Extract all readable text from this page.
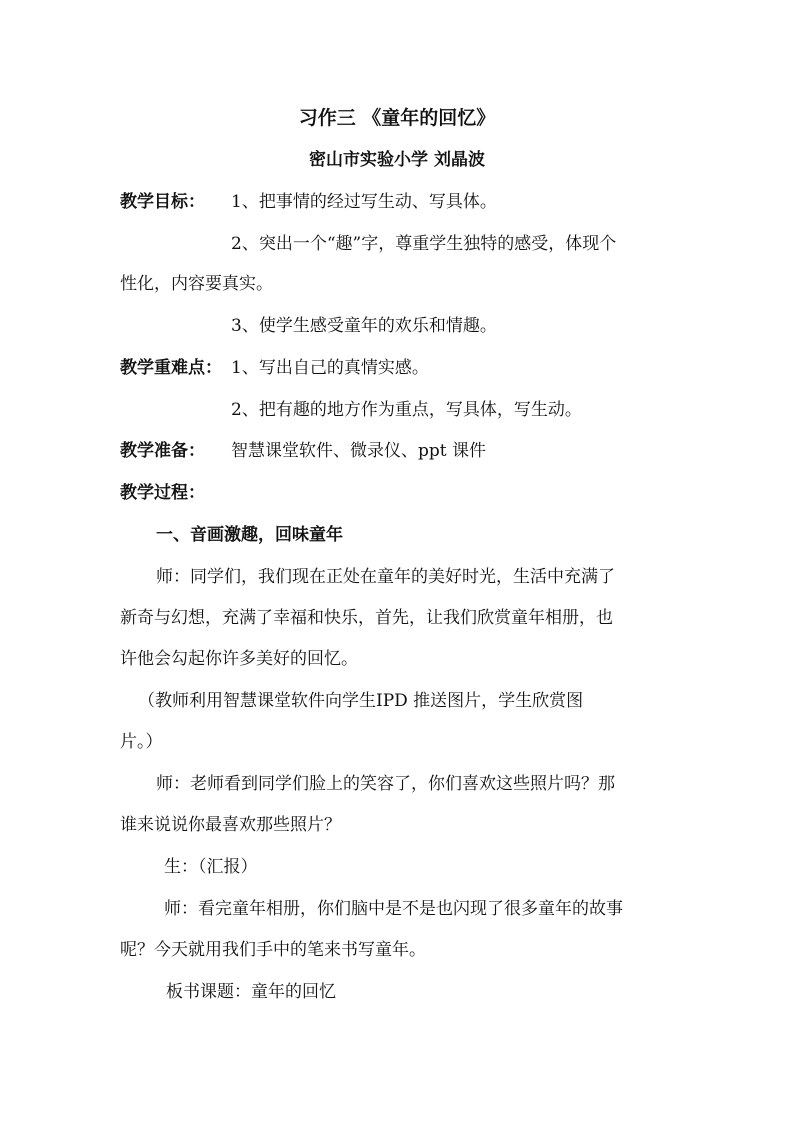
习作三 《童年的回忆》
密山市实验小学 刘晶波
教学目标： 1、把事情的经过写生动、写具体。
2、突出一个“趣”字，尊重学生独特的感受，体现个
性化，内容要真实。
3、使学生感受童年的欢乐和情趣。
教学重难点： 1、写出自己的真情实感。
2、把有趣的地方作为重点，写具体，写生动。
教学准备： 智慧课堂软件、微录仪、ppt 课件
教学过程：
一、音画激趣，回味童年
师：同学们，我们现在正处在童年的美好时光，生活中充满了
新奇与幻想，充满了幸福和快乐，首先，让我们欣赏童年相册，也
许他会勾起你许多美好的回忆。
（教师利用智慧课堂软件向学生IPD 推送图片，学生欣赏图
片。）
师：老师看到同学们脸上的笑容了，你们喜欢这些照片吗？那
谁来说说你最喜欢那些照片？
生：（汇报）
师：看完童年相册，你们脑中是不是也闪现了很多童年的故事
呢？今天就用我们手中的笔来书写童年。
板书课题：童年的回忆
